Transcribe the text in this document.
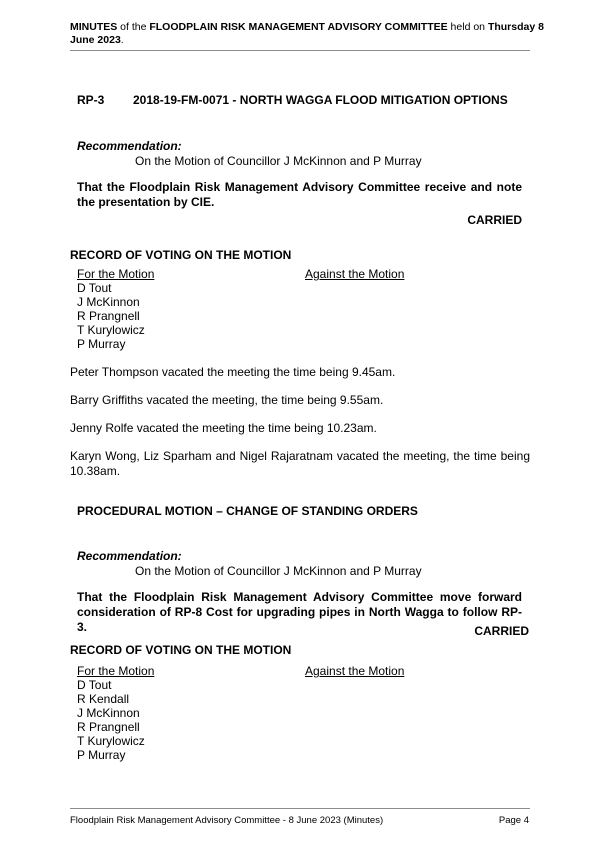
MINUTES of the FLOODPLAIN RISK MANAGEMENT ADVISORY COMMITTEE held on Thursday 8
June 2023.
RP-3 2018-19-FM-0071 - NORTH WAGGA FLOOD MITIGATION OPTIONS
Recommendation:
On the Motion of Councillor J McKinnon and P Murray
That the Floodplain Risk Management Advisory Committee receive and note the presentation by CIE.
CARRIED
RECORD OF VOTING ON THE MOTION
For the Motion	Against the Motion
D Tout
J McKinnon
R Prangnell
T Kurylowicz
P Murray
Peter Thompson vacated the meeting the time being 9.45am.
Barry Griffiths vacated the meeting, the time being 9.55am.
Jenny Rolfe vacated the meeting the time being 10.23am.
Karyn Wong, Liz Sparham and Nigel Rajaratnam vacated the meeting, the time being 10.38am.
PROCEDURAL MOTION – CHANGE OF STANDING ORDERS
Recommendation:
On the Motion of Councillor J McKinnon and P Murray
That the Floodplain Risk Management Advisory Committee move forward consideration of RP-8 Cost for upgrading pipes in North Wagga to follow RP-3.	CARRIED
RECORD OF VOTING ON THE MOTION
For the Motion	Against the Motion
D Tout
R Kendall
J McKinnon
R Prangnell
T Kurylowicz
P Murray
Floodplain Risk Management Advisory Committee - 8 June 2023 (Minutes)	Page 4
